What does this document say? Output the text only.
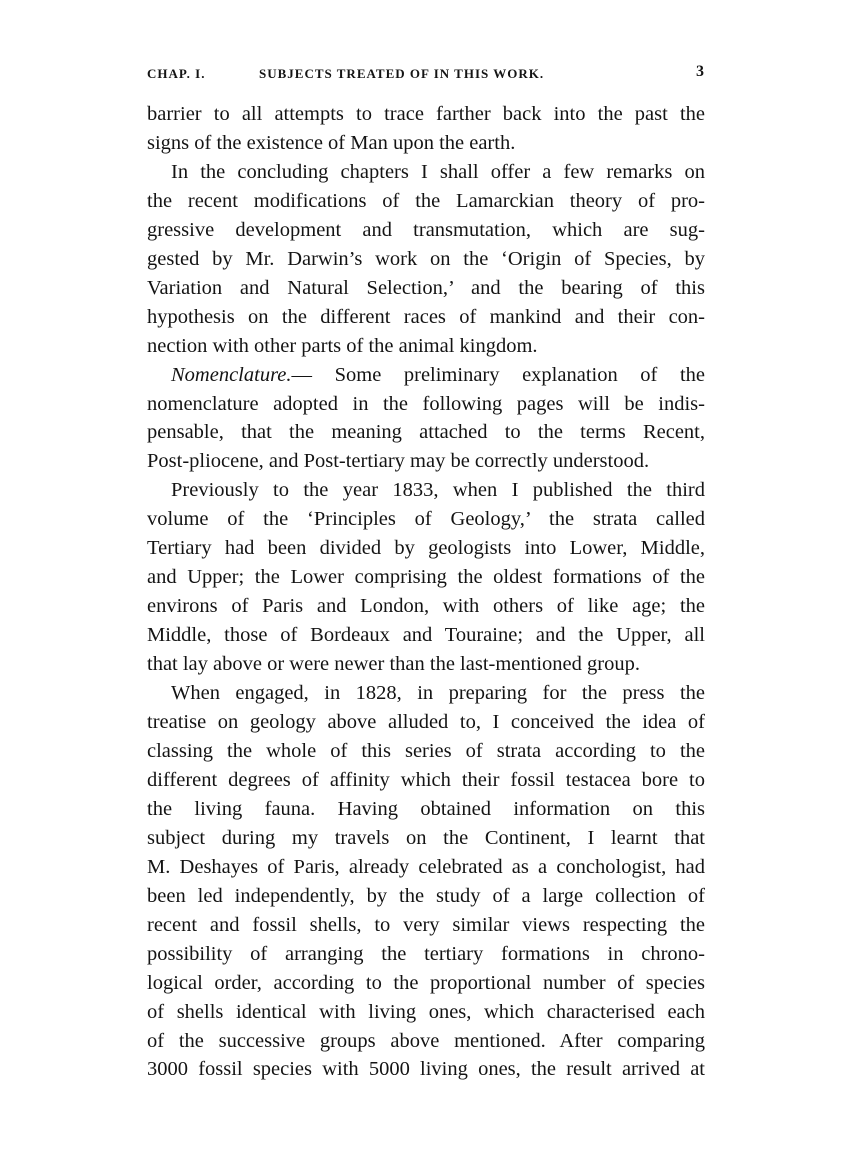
CHAP. I.	SUBJECTS TREATED OF IN THIS WORK.	3
barrier to all attempts to trace farther back into the past the
signs of the existence of Man upon the earth.
In the concluding chapters I shall offer a few remarks on
the recent modifications of the Lamarckian theory of pro-
gressive development and transmutation, which are sug-
gested by Mr. Darwin’s work on the ‘Origin of Species, by
Variation and Natural Selection,’ and the bearing of this
hypothesis on the different races of mankind and their con-
nection with other parts of the animal kingdom.
Nomenclature.— Some preliminary explanation of the
nomenclature adopted in the following pages will be indis-
pensable, that the meaning attached to the terms Recent,
Post-pliocene, and Post-tertiary may be correctly understood.
Previously to the year 1833, when I published the third
volume of the ‘Principles of Geology,’ the strata called
Tertiary had been divided by geologists into Lower, Middle,
and Upper; the Lower comprising the oldest formations of the
environs of Paris and London, with others of like age; the
Middle, those of Bordeaux and Touraine; and the Upper, all
that lay above or were newer than the last-mentioned group.
When engaged, in 1828, in preparing for the press the
treatise on geology above alluded to, I conceived the idea of
classing the whole of this series of strata according to the
different degrees of affinity which their fossil testacea bore to
the living fauna. Having obtained information on this
subject during my travels on the Continent, I learnt that
M. Deshayes of Paris, already celebrated as a conchologist, had
been led independently, by the study of a large collection of
recent and fossil shells, to very similar views respecting the
possibility of arranging the tertiary formations in chrono-
logical order, according to the proportional number of species
of shells identical with living ones, which characterised each
of the successive groups above mentioned. After comparing
3000 fossil species with 5000 living ones, the result arrived at
